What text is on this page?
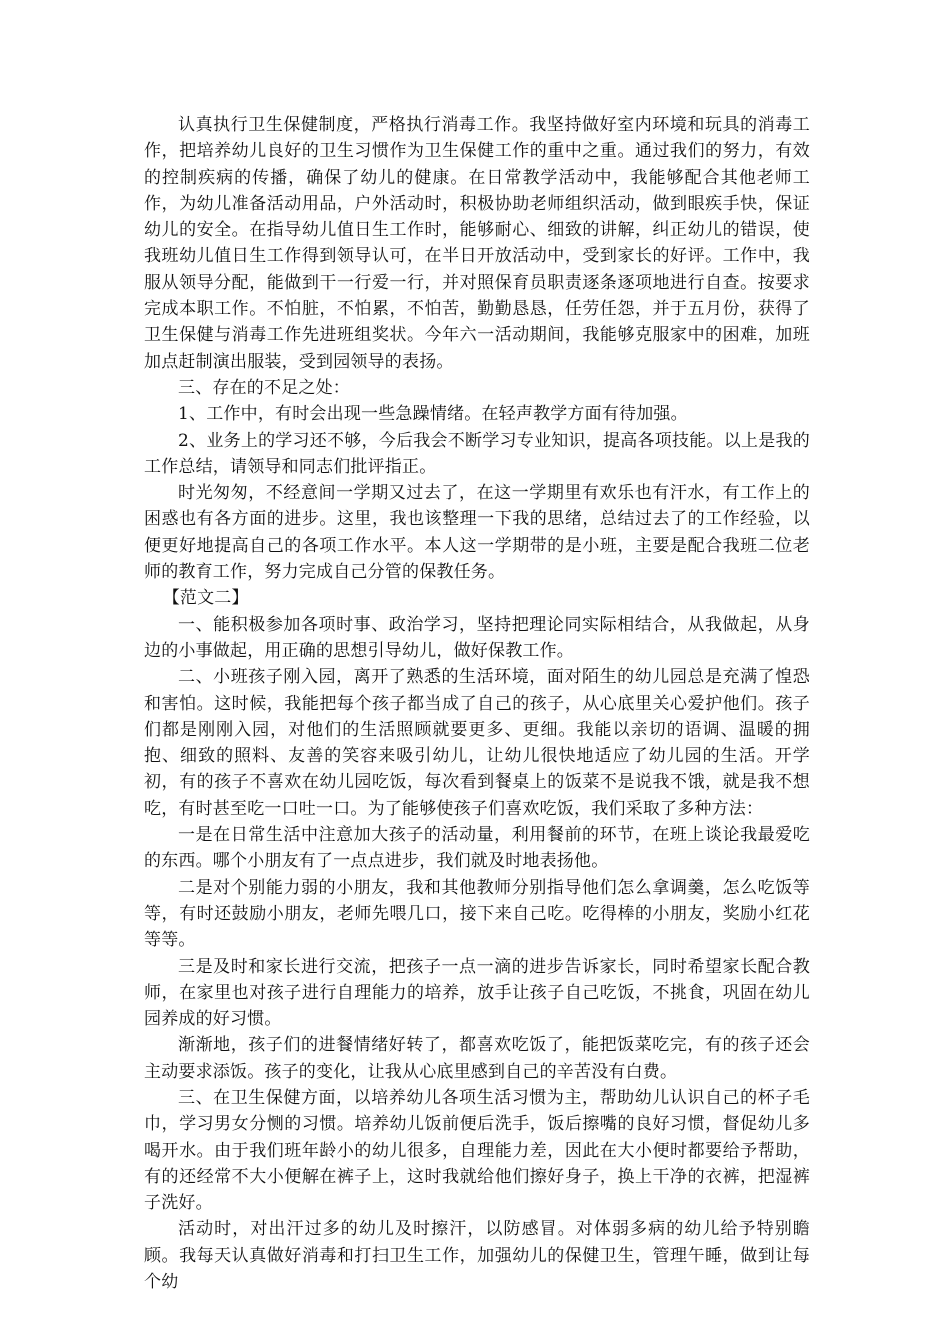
认真执行卫生保健制度，严格执行消毒工作。我坚持做好室内环境和玩具的消毒工作，把培养幼儿良好的卫生习惯作为卫生保健工作的重中之重。通过我们的努力，有效的控制疾病的传播，确保了幼儿的健康。在日常教学活动中，我能够配合其他老师工作，为幼儿准备活动用品，户外活动时，积极协助老师组织活动，做到眼疾手快，保证幼儿的安全。在指导幼儿值日生工作时，能够耐心、细致的讲解，纠正幼儿的错误，使我班幼儿值日生工作得到领导认可，在半日开放活动中，受到家长的好评。工作中，我服从领导分配，能做到干一行爱一行，并对照保育员职责逐条逐项地进行自查。按要求完成本职工作。不怕脏，不怕累，不怕苦，勤勤恳恳，任劳任怨，并于五月份，获得了卫生保健与消毒工作先进班组奖状。今年六一活动期间，我能够克服家中的困难，加班加点赶制演出服装，受到园领导的表扬。

三、存在的不足之处：

1、工作中，有时会出现一些急躁情绪。在轻声教学方面有待加强。

2、业务上的学习还不够，今后我会不断学习专业知识，提高各项技能。以上是我的工作总结，请领导和同志们批评指正。

时光匆匆，不经意间一学期又过去了，在这一学期里有欢乐也有汗水，有工作上的困惑也有各方面的进步。这里，我也该整理一下我的思绪，总结过去了的工作经验，以便更好地提高自己的各项工作水平。本人这一学期带的是小班，主要是配合我班二位老师的教育工作，努力完成自己分管的保教任务。

【范文二】

一、能积极参加各项时事、政治学习，坚持把理论同实际相结合，从我做起，从身边的小事做起，用正确的思想引导幼儿，做好保教工作。

二、小班孩子刚入园，离开了熟悉的生活环境，面对陌生的幼儿园总是充满了惶恐和害怕。这时候，我能把每个孩子都当成了自己的孩子，从心底里关心爱护他们。孩子们都是刚刚入园，对他们的生活照顾就要更多、更细。我能以亲切的语调、温暖的拥抱、细致的照料、友善的笑容来吸引幼儿，让幼儿很快地适应了幼儿园的生活。开学初，有的孩子不喜欢在幼儿园吃饭，每次看到餐桌上的饭菜不是说我不饿，就是我不想吃，有时甚至吃一口吐一口。为了能够使孩子们喜欢吃饭，我们采取了多种方法：

一是在日常生活中注意加大孩子的活动量，利用餐前的环节，在班上谈论我最爱吃的东西。哪个小朋友有了一点点进步，我们就及时地表扬他。

二是对个别能力弱的小朋友，我和其他教师分别指导他们怎么拿调羹，怎么吃饭等等，有时还鼓励小朋友，老师先喂几口，接下来自己吃。吃得棒的小朋友，奖励小红花等等。

三是及时和家长进行交流，把孩子一点一滴的进步告诉家长，同时希望家长配合教师，在家里也对孩子进行自理能力的培养，放手让孩子自己吃饭，不挑食，巩固在幼儿园养成的好习惯。

渐渐地，孩子们的进餐情绪好转了，都喜欢吃饭了，能把饭菜吃完，有的孩子还会主动要求添饭。孩子的变化，让我从心底里感到自己的辛苦没有白费。

三、在卫生保健方面，以培养幼儿各项生活习惯为主，帮助幼儿认识自己的杯子毛巾，学习男女分恻的习惯。培养幼儿饭前便后洗手，饭后擦嘴的良好习惯，督促幼儿多喝开水。由于我们班年龄小的幼儿很多，自理能力差，因此在大小便时都要给予帮助，有的还经常不大小便解在裤子上，这时我就给他们擦好身子，换上干净的衣裤，把湿裤子洗好。

活动时，对出汗过多的幼儿及时擦汗，以防感冒。对体弱多病的幼儿给予特别瞻顾。我每天认真做好消毒和打扫卫生工作，加强幼儿的保健卫生，管理午睡，做到让每个幼
